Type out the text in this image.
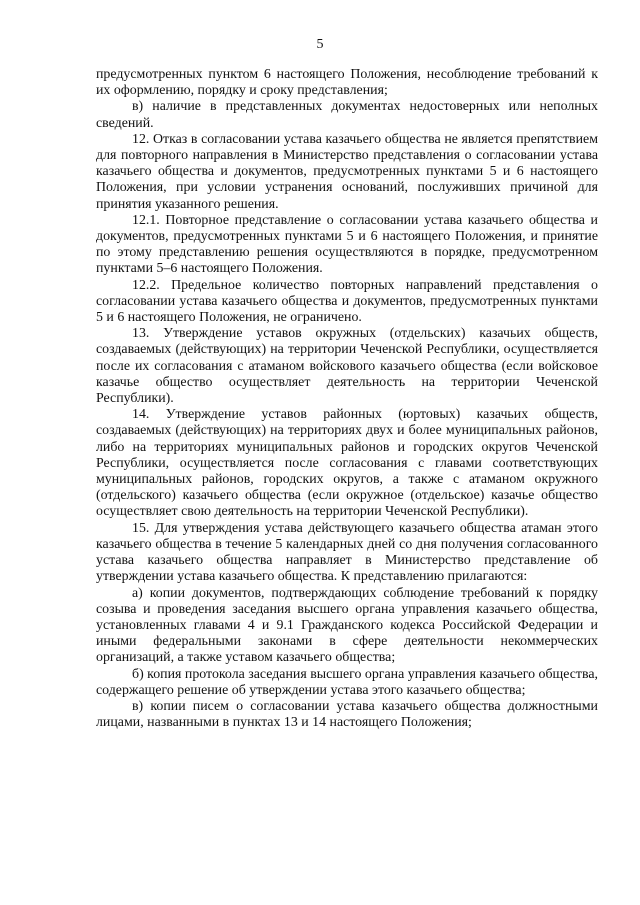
5

предусмотренных пунктом 6 настоящего Положения, несоблюдение требований к их оформлению, порядку и сроку представления;

в) наличие в представленных документах недостоверных или неполных сведений.

12. Отказ в согласовании устава казачьего общества не является препятствием для повторного направления в Министерство представления о согласовании устава казачьего общества и документов, предусмотренных пунктами 5 и 6 настоящего Положения, при условии устранения оснований, послуживших причиной для принятия указанного решения.

12.1. Повторное представление о согласовании устава казачьего общества и документов, предусмотренных пунктами 5 и 6 настоящего Положения, и принятие по этому представлению решения осуществляются в порядке, предусмотренном пунктами 5–6 настоящего Положения.

12.2. Предельное количество повторных направлений представления о согласовании устава казачьего общества и документов, предусмотренных пунктами 5 и 6 настоящего Положения, не ограничено.

13. Утверждение уставов окружных (отдельских) казачьих обществ, создаваемых (действующих) на территории Чеченской Республики, осуществляется после их согласования с атаманом войскового казачьего общества (если войсковое казачье общество осуществляет деятельность на территории Чеченской Республики).

14. Утверждение уставов районных (юртовых) казачьих обществ, создаваемых (действующих) на территориях двух и более муниципальных районов, либо на территориях муниципальных районов и городских округов Чеченской Республики, осуществляется после согласования с главами соответствующих муниципальных районов, городских округов, а также с атаманом окружного (отдельского) казачьего общества (если окружное (отдельское) казачье общество осуществляет свою деятельность на территории Чеченской Республики).

15. Для утверждения устава действующего казачьего общества атаман этого казачьего общества в течение 5 календарных дней со дня получения согласованного устава казачьего общества направляет в Министерство представление об утверждении устава казачьего общества. К представлению прилагаются:

а) копии документов, подтверждающих соблюдение требований к порядку созыва и проведения заседания высшего органа управления казачьего общества, установленных главами 4 и 9.1 Гражданского кодекса Российской Федерации и иными федеральными законами в сфере деятельности некоммерческих организаций, а также уставом казачьего общества;

б) копия протокола заседания высшего органа управления казачьего общества, содержащего решение об утверждении устава этого казачьего общества;

в) копии писем о согласовании устава казачьего общества должностными лицами, названными в пунктах 13 и 14 настоящего Положения;
